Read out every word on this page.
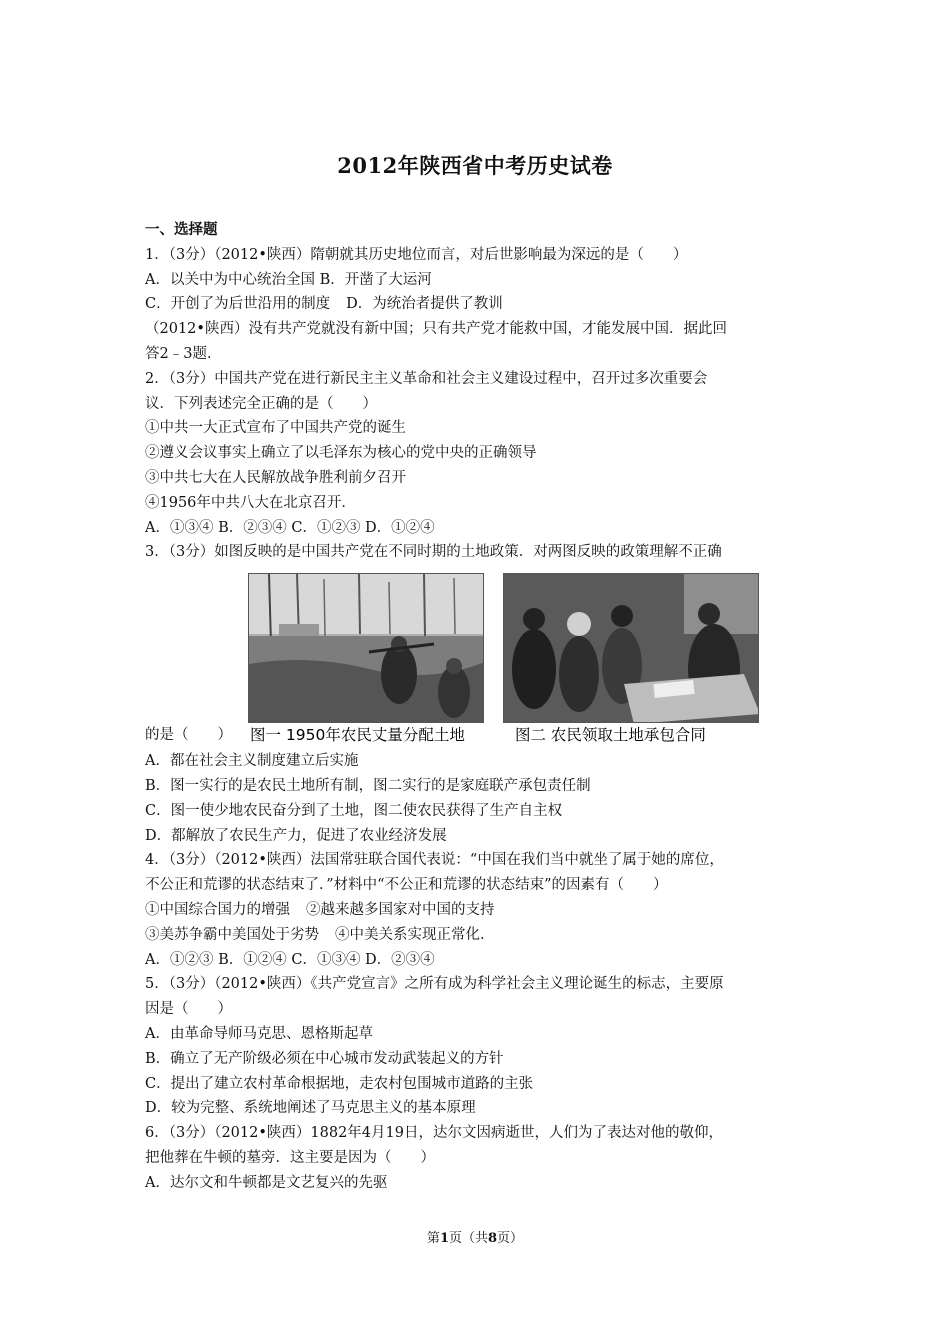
2012年陕西省中考历史试卷
一、选择题
1．（3分）（2012•陕西）隋朝就其历史地位而言，对后世影响最为深远的是（　　）
A．以关中为中心统治全国 B．开凿了大运河
C．开创了为后世沿用的制度 D．为统治者提供了教训
（2012•陕西）没有共产党就没有新中国；只有共产党才能救中国，才能发展中国．据此回
答2﹣3题．
2．（3分）中国共产党在进行新民主主义革命和社会主义建设过程中，召开过多次重要会
议．下列表述完全正确的是（　　）
①中共一大正式宣布了中国共产党的诞生
②遵义会议事实上确立了以毛泽东为核心的党中央的正确领导
③中共七大在人民解放战争胜利前夕召开
④1956年中共八大在北京召开．
A．①③④ B．②③④ C．①②③ D．①②④
3．（3分）如图反映的是中国共产党在不同时期的土地政策．对两图反映的政策理解不正确
的是（　　） 图一 1950年农民丈量分配土地	图二 农民领取土地承包合同
A．都在社会主义制度建立后实施
B．图一实行的是农民土地所有制，图二实行的是家庭联产承包责任制
C．图一使少地农民奋分到了土地，图二使农民获得了生产自主权
D．都解放了农民生产力，促进了农业经济发展
4．（3分）（2012•陕西）法国常驻联合国代表说：“中国在我们当中就坐了属于她的席位，
不公正和荒谬的状态结束了．”材料中“不公正和荒谬的状态结束”的因素有（　　）
①中国综合国力的增强 ②越来越多国家对中国的支持
③美苏争霸中美国处于劣势 ④中美关系实现正常化．
A．①②③ B．①②④ C．①③④ D．②③④
5．（3分）（2012•陕西）《共产党宣言》之所有成为科学社会主义理论诞生的标志，主要原
因是（　　）
A．由革命导师马克思、恩格斯起草
B．确立了无产阶级必须在中心城市发动武装起义的方针
C．提出了建立农村革命根据地，走农村包围城市道路的主张
D．较为完整、系统地阐述了马克思主义的基本原理
6．（3分）（2012•陕西）1882年4月19日，达尔文因病逝世，人们为了表达对他的敬仰，
把他葬在牛顿的墓旁．这主要是因为（　　）
A．达尔文和牛顿都是文艺复兴的先驱
第1页（共8页）
